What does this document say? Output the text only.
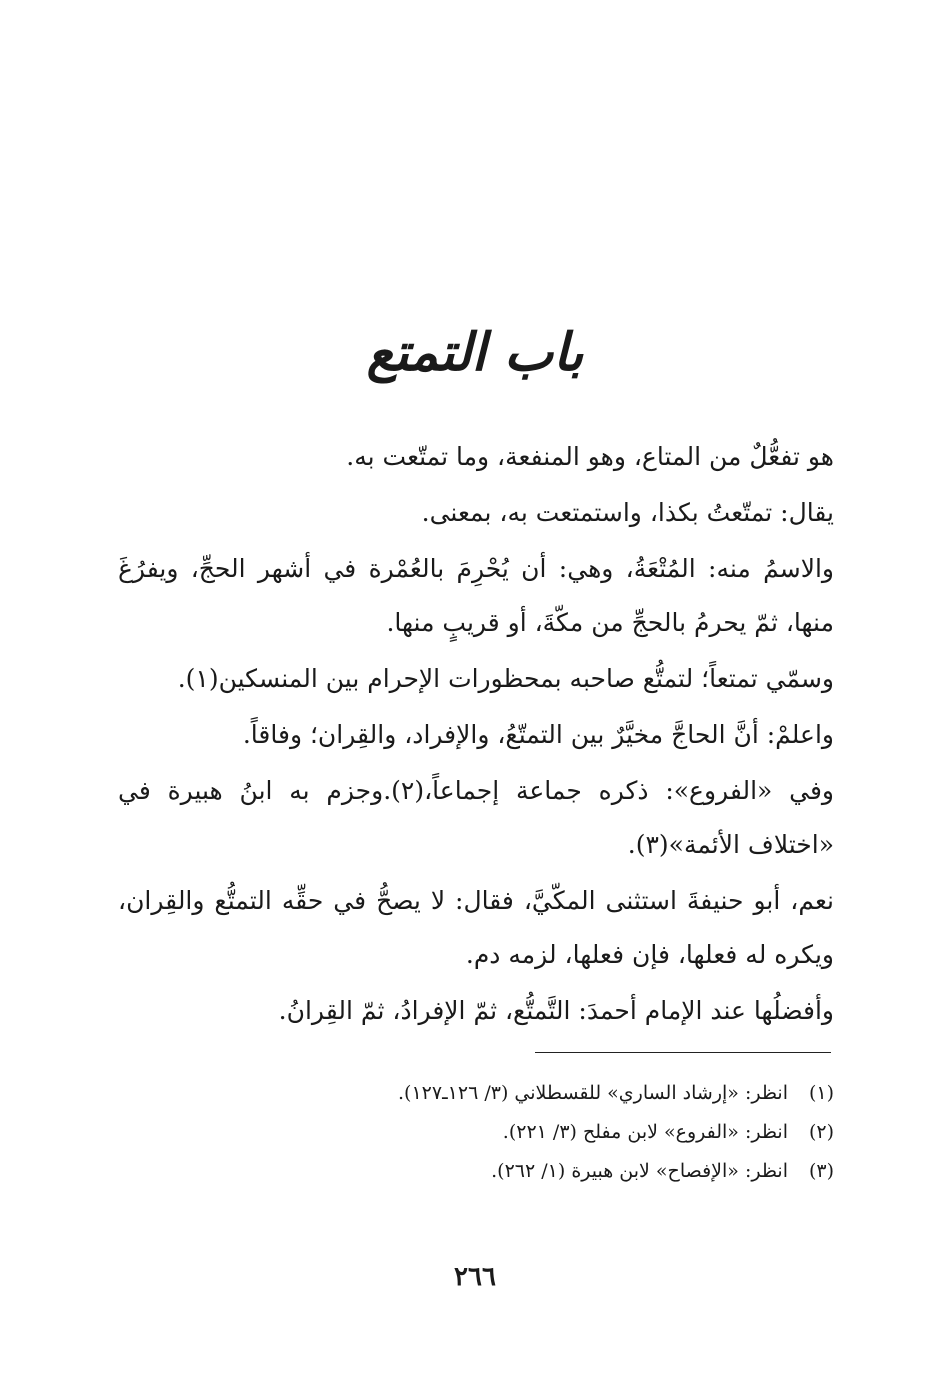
باب التمتع

هو تفعُّلٌ من المتاع، وهو المنفعة، وما تمتّعت به.

يقال: تمتّعتُ بكذا، واستمتعت به، بمعنى.

والاسمُ منه: المُتْعَةُ، وهي: أن يُحْرِمَ بالعُمْرة في أشهر الحجِّ، ويفرُغَ منها، ثمّ يحرمُ بالحجِّ من مكّةَ، أو قريبٍ منها.

وسمّي تمتعاً؛ لتمتُّع صاحبه بمحظورات الإحرام بين المنسكين(١).

واعلمْ: أنَّ الحاجَّ مخيَّرٌ بين التمتّعُ، والإفراد، والقِران؛ وفاقاً.

وفي «الفروع»: ذكره جماعة إجماعاً،(٢).وجزم به ابنُ هبيرة في «اختلاف الأئمة»(٣).

نعم، أبو حنيفةَ استثنى المكّيَّ، فقال: لا يصحُّ في حقِّه التمتُّع والقِران، ويكره له فعلها، فإن فعلها، لزمه دم.

وأفضلُها عند الإمام أحمدَ: التَّمتُّع، ثمّ الإفرادُ، ثمّ القِرانُ.

(١)
انظر: «إرشاد الساري» للقسطلاني (٣/ ١٢٦ـ١٢٧).
(٢)
انظر: «الفروع» لابن مفلح (٣/ ٢٢١).
(٣)
انظر: «الإفصاح» لابن هبيرة (١/ ٢٦٢).
٢٦٦
